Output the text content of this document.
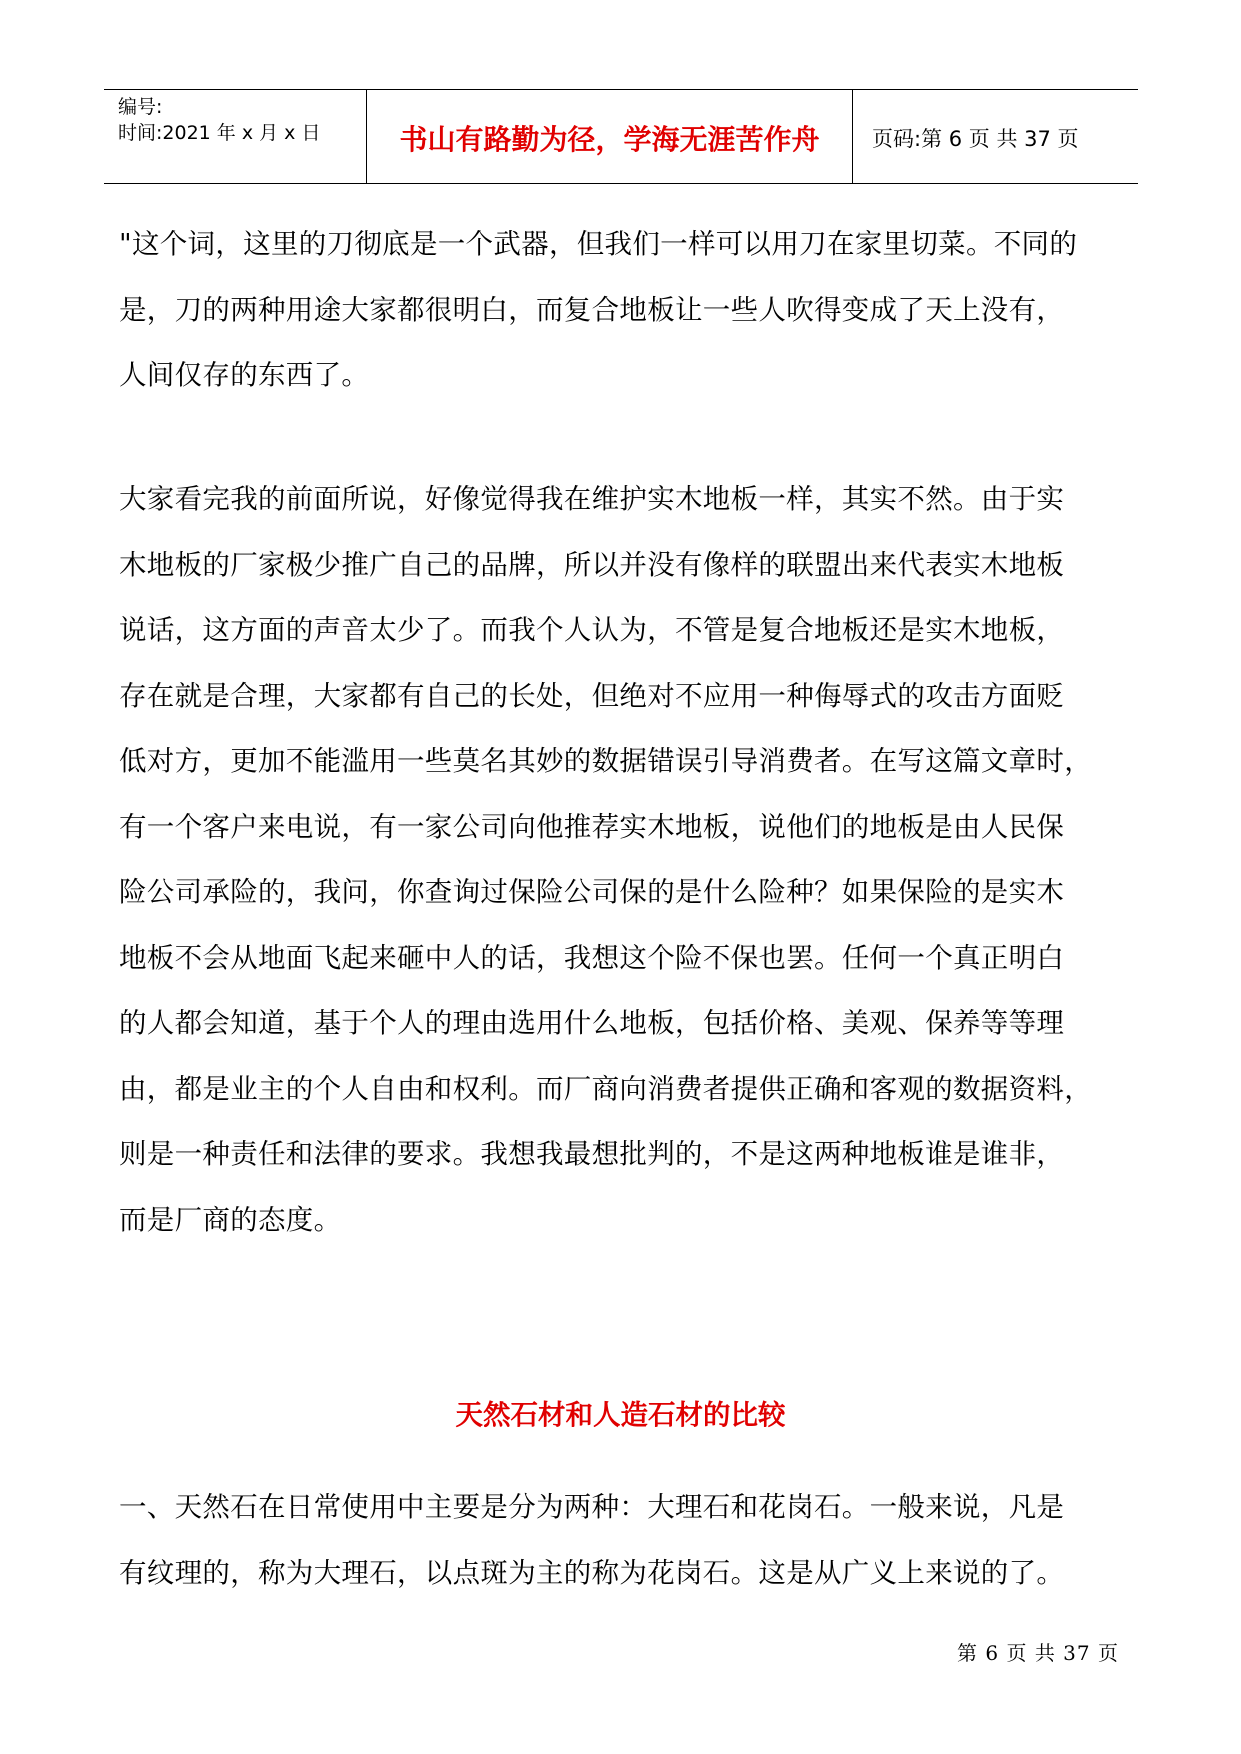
编号:
时间:2021 年 x 月 x 日	书山有路勤为径，学海无涯苦作舟	页码:第 6 页 共 37 页
"这个词，这里的刀彻底是一个武器，但我们一样可以用刀在家里切菜。不同的
是，刀的两种用途大家都很明白，而复合地板让一些人吹得变成了天上没有，
人间仅存的东西了。
大家看完我的前面所说，好像觉得我在维护实木地板一样，其实不然。由于实
木地板的厂家极少推广自己的品牌，所以并没有像样的联盟出来代表实木地板
说话，这方面的声音太少了。而我个人认为，不管是复合地板还是实木地板，
存在就是合理，大家都有自己的长处，但绝对不应用一种侮辱式的攻击方面贬
低对方，更加不能滥用一些莫名其妙的数据错误引导消费者。在写这篇文章时，
有一个客户来电说，有一家公司向他推荐实木地板，说他们的地板是由人民保
险公司承险的，我问，你查询过保险公司保的是什么险种？如果保险的是实木
地板不会从地面飞起来砸中人的话，我想这个险不保也罢。任何一个真正明白
的人都会知道，基于个人的理由选用什么地板，包括价格、美观、保养等等理
由，都是业主的个人自由和权利。而厂商向消费者提供正确和客观的数据资料，
则是一种责任和法律的要求。我想我最想批判的，不是这两种地板谁是谁非，
而是厂商的态度。
天然石材和人造石材的比较
一、天然石在日常使用中主要是分为两种：大理石和花岗石。一般来说，凡是
有纹理的，称为大理石，以点斑为主的称为花岗石。这是从广义上来说的了。
第 6 页 共 37 页
